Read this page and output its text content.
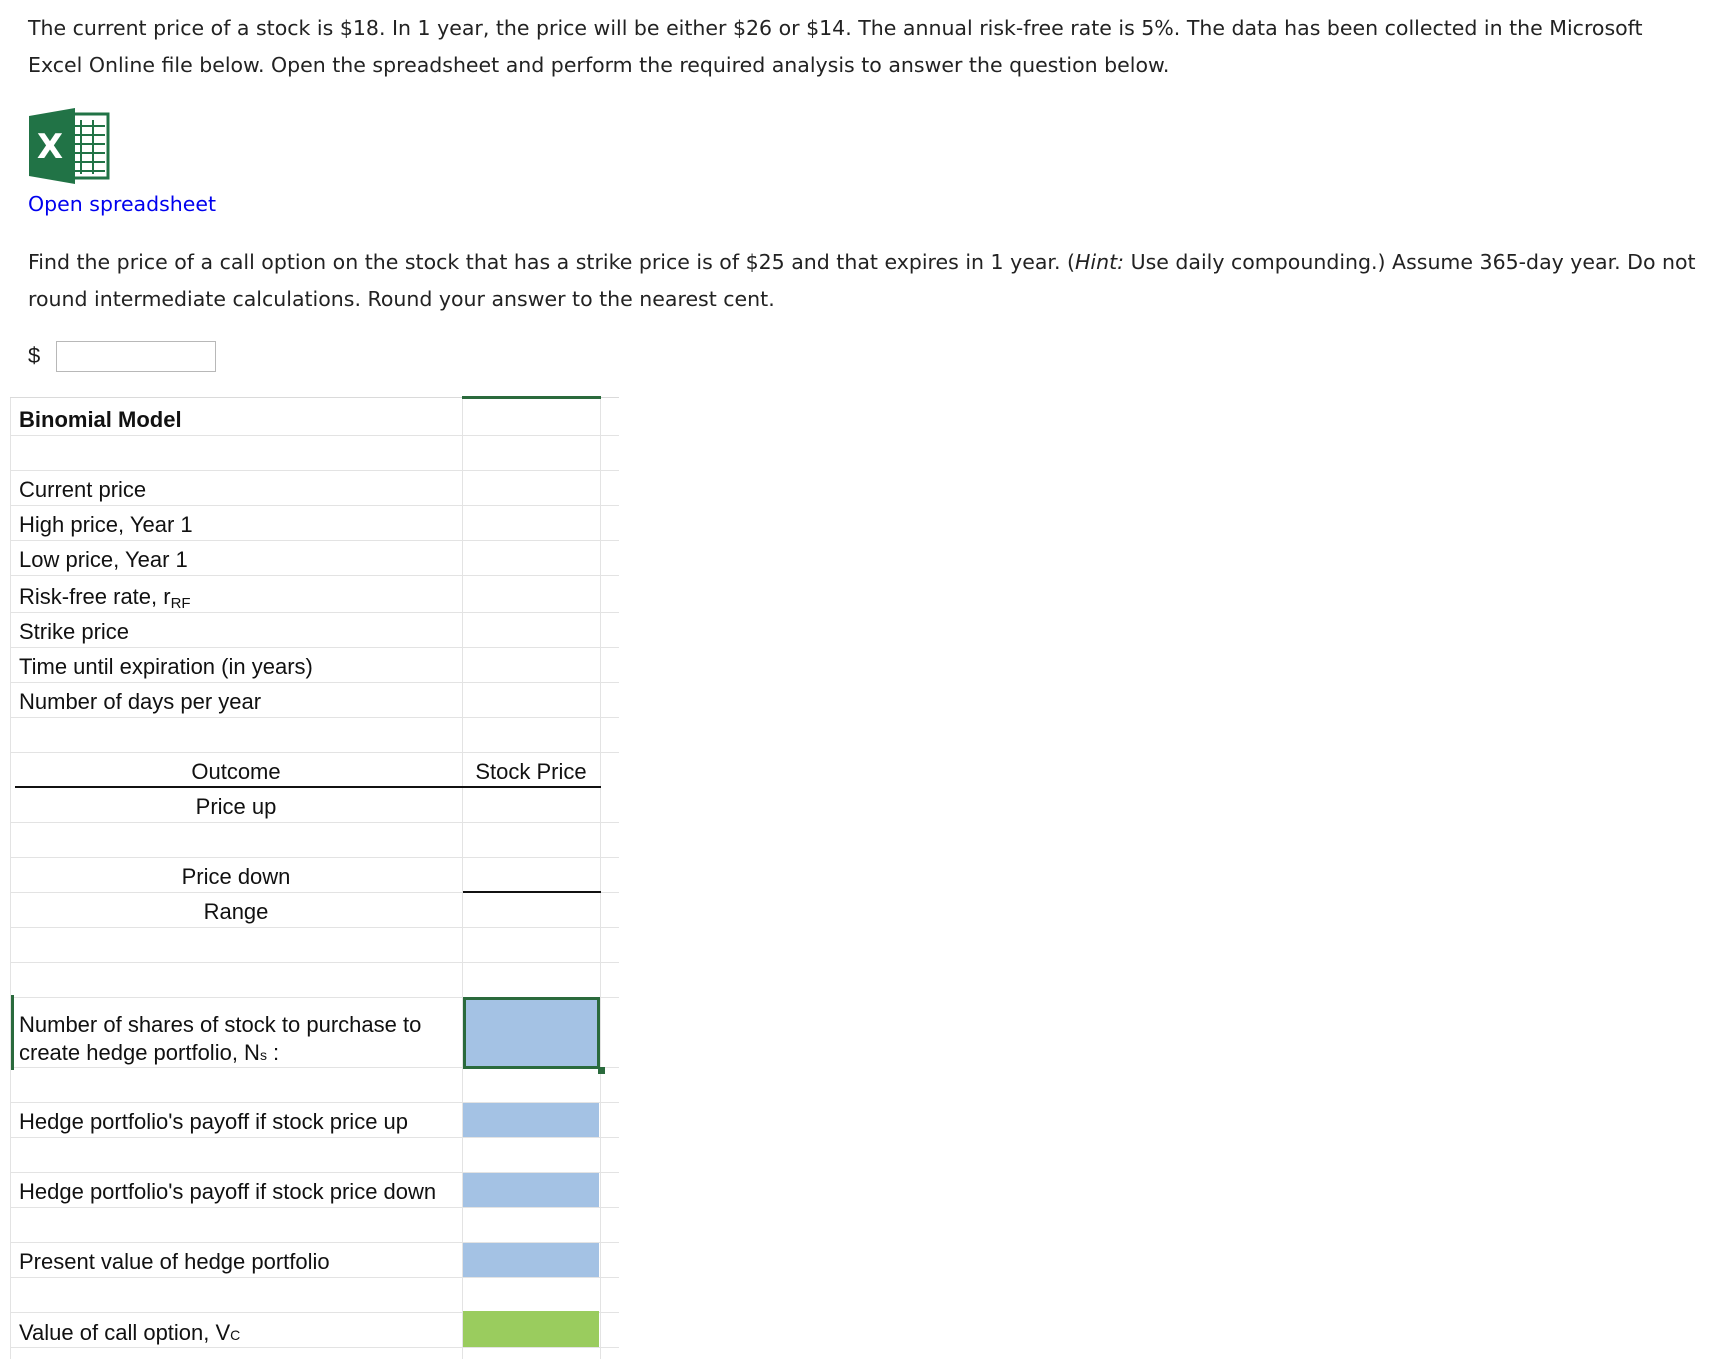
The current price of a stock is $18. In 1 year, the price will be either $26 or $14. The annual risk-free rate is 5%. The data has been collected in the Microsoft Excel Online file below. Open the spreadsheet and perform the required analysis to answer the question below.
X
Open spreadsheet
Find the price of a call option on the stock that has a strike price is of $25 and that expires in 1 year. (Hint: Use daily compounding.) Assume 365-day year. Do not round intermediate calculations. Round your answer to the nearest cent.
$
Binomial Model
Current price
High price, Year 1
Low price, Year 1
Risk-free rate, $r_{RF}$
Strike price
Time until expiration (in years)
Number of days per year
Outcome	Stock Price
Price up
Price down
Range
Number of shares of stock to purchase to
create hedge portfolio, Ns :
Hedge portfolio's payoff if stock price up
Hedge portfolio's payoff if stock price down
Present value of hedge portfolio
Value of call option, VC
